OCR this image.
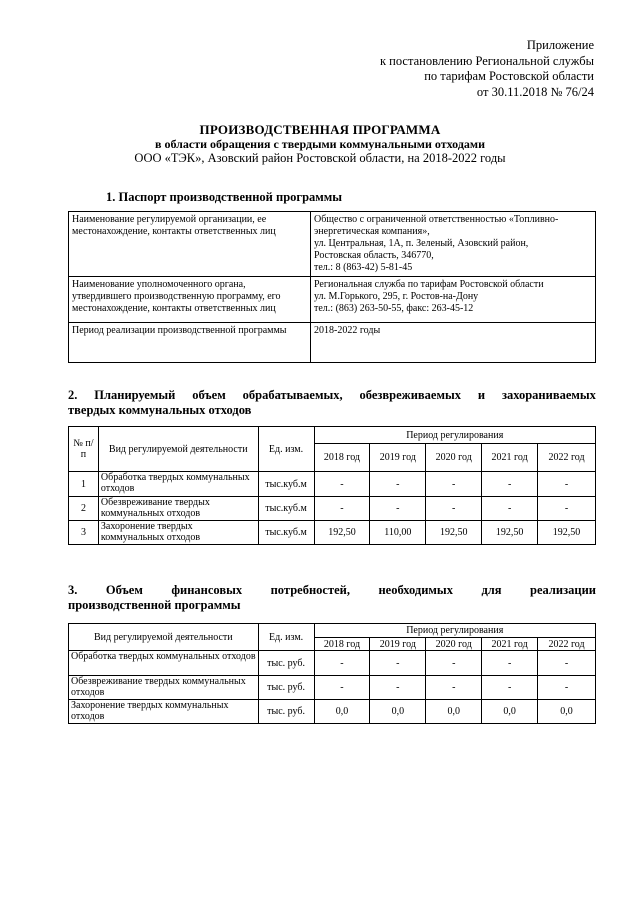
Приложение
к постановлению Региональной службы
по тарифам Ростовской области
от 30.11.2018 № 76/24
ПРОИЗВОДСТВЕННАЯ ПРОГРАММА
в области обращения с твердыми коммунальными отходами
ООО «ТЭК», Азовский район Ростовской области, на 2018-2022 годы
1. Паспорт производственной программы
Наименование регулируемой организации, ее местонахождение, контакты ответственных лиц	Общество с ограниченной ответственностью «Топливно-
энергетическая компания»,
ул. Центральная, 1А, п. Зеленый, Азовский район,
Ростовская область, 346770,
тел.: 8 (863-42) 5-81-45

Наименование уполномоченного органа, утвердившего производственную программу, его местонахождение, контакты ответственных лиц	Региональная служба по тарифам Ростовской области
ул. М.Горького, 295, г. Ростов-на-Дону
тел.: (863) 263-50-55, факс: 263-45-12

Период реализации производственной программы	2018-2022 годы
2. Планируемый объем обрабатываемых, обезвреживаемых и захораниваемых
твердых коммунальных отходов
№ п/п	Вид регулируемой деятельности	Ед. изм.	Период регулирования				
			2018 год	2019 год	2020 год	2021 год	2022 год
1	Обработка твердых коммунальных отходов	тыс.куб.м	-	-	-	-	-
2	Обезвреживание твердых коммунальных отходов	тыс.куб.м	-	-	-	-	-
3	Захоронение твердых коммунальных отходов	тыс.куб.м	192,50	110,00	192,50	192,50	192,50
3. Объем финансовых потребностей, необходимых для реализации
производственной программы
Вид регулируемой деятельности	Ед. изм.	Период регулирования				
		2018 год	2019 год	2020 год	2021 год	2022 год
Обработка твердых коммунальных отходов	тыс. руб.	-	-	-	-	-
Обезвреживание твердых коммунальных отходов	тыс. руб.	-	-	-	-	-
Захоронение твердых коммунальных отходов	тыс. руб.	0,0	0,0	0,0	0,0	0,0
